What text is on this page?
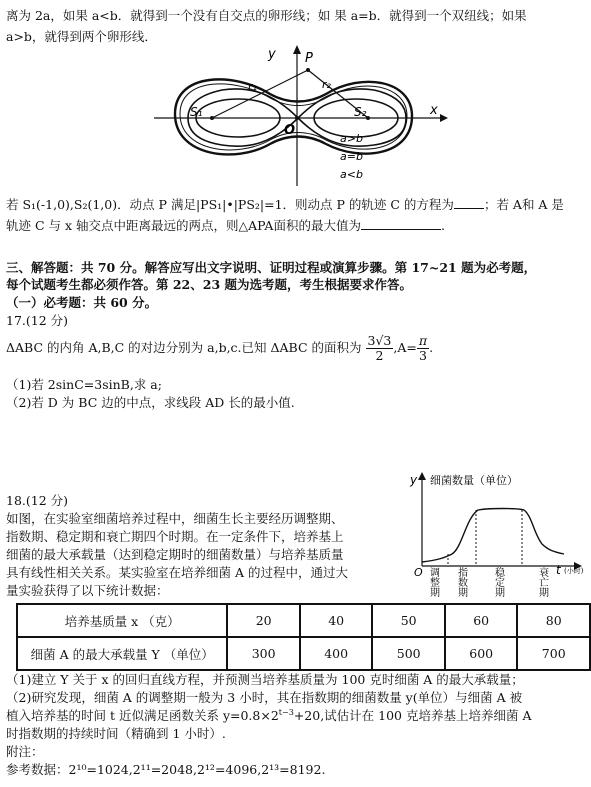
离为 2a，如果 a<b．就得到一个没有自交点的卵形线；如 果 a=b．就得到一个双纽线；如果
a>b，就得到两个卵形线．
y
x
P
r₁	r₂
S₁	S₂
O
a>b
a=b
a<b
若 S₁(-1,0),S₂(1,0)．动点 P 满足|PS₁|•|PS₂|=1．则动点 P 的轨迹 C 的方程为 ；若 A和 A 是
轨迹 C 与 x 轴交点中距离最远的两点，则△APA面积的最大值为	.
三、解答题：共 70 分。解答应写出文字说明、证明过程或演算步骤。第 17~21 题为必考题，
每个试题考生都必须作答。第 22、23 题为选考题，考生根据要求作答。
（一）必考题：共 60 分。
17.(12 分)
ΔABC 的内角 A,B,C 的对边分别为 a,b,c.已知 ΔABC 的面积为 $\frac{3√3}{2} ,A= \frac{\pi}{3}$ .
（1)若 2sinC=3sinB,求 a;
（2)若 D 为 BC 边的中点，求线段 AD 长的最小值.
18.(12 分)
如图，在实验室细菌培养过程中，细菌生长主要经历调整期、
指数期、稳定期和衰亡期四个时期。在一定条件下，培养基上
细菌的最大承载量（达到稳定期时的细菌数量）与培养基质量
具有线性相关关系。某实验室在培养细菌 A 的过程中，通过大
量实验获得了以下统计数据：
y 细菌数量（单位）
O	t (小时)
调整期
指数期
稳定期
衰亡期
培养基质量 x （克）	20	40	50	60	80
细菌 A 的最大承载量 Y （单位）	300	400	500	600	700
（1)建立 Y 关于 x 的回归直线方程，并预测当培养基质量为 100 克时细菌 A 的最大承载量；
（2)研究发现，细菌 A 的调整期一般为 3 小时，其在指数期的细菌数量 y(单位）与细菌 A 被
植入培养基的时间 t 近似满足函数关系 $y=0.8\times 2^{t-3}+20$,试估计在 100 克培养基上培养细菌 A
时指数期的持续时间（精确到 1 小时）.
附注：
参考数据：2¹⁰=1024,2¹¹=2048,2¹²=4096,2¹³=8192.
